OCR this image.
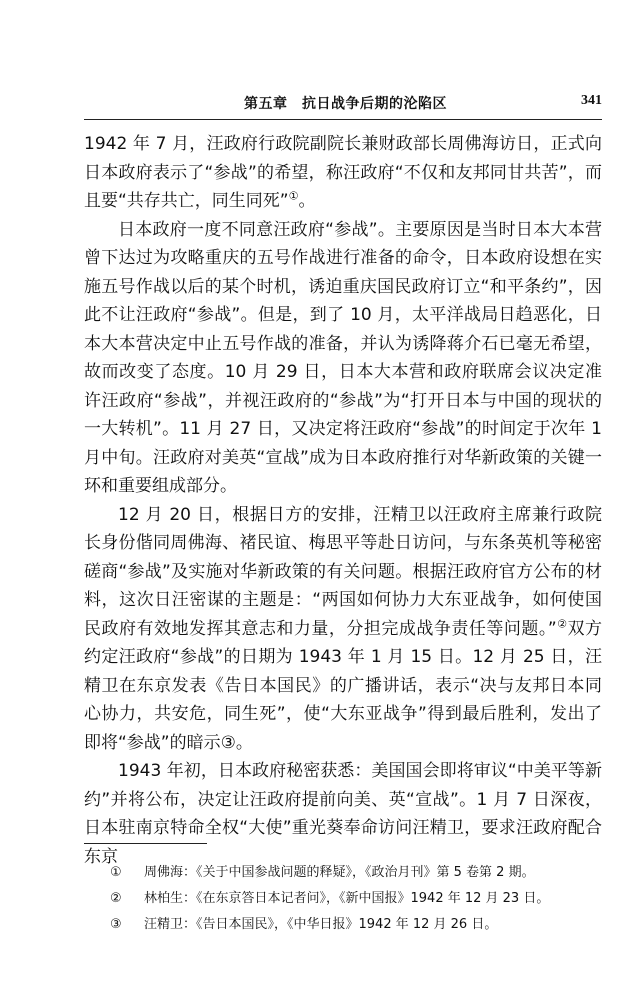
第五章　抗日战争后期的沦陷区	341

1942 年 7 月，汪政府行政院副院长兼财政部长周佛海访日，正式向日本政府表示了“参战”的希望，称汪政府“不仅和友邦同甘共苦”，而且要“共存共亡，同生同死”①。

日本政府一度不同意汪政府“参战”。主要原因是当时日本大本营曾下达过为攻略重庆的五号作战进行准备的命令，日本政府设想在实施五号作战以后的某个时机，诱迫重庆国民政府订立“和平条约”，因此不让汪政府“参战”。但是，到了 10 月，太平洋战局日趋恶化，日本大本营决定中止五号作战的准备，并认为诱降蒋介石已毫无希望，故而改变了态度。10 月 29 日，日本大本营和政府联席会议决定准许汪政府“参战”，并视汪政府的“参战”为“打开日本与中国的现状的一大转机”。11 月 27 日，又决定将汪政府“参战”的时间定于次年 1 月中旬。汪政府对美英“宣战”成为日本政府推行对华新政策的关键一环和重要组成部分。

12 月 20 日，根据日方的安排，汪精卫以汪政府主席兼行政院长身份偕同周佛海、褚民谊、梅思平等赴日访问，与东条英机等秘密磋商“参战”及实施对华新政策的有关问题。根据汪政府官方公布的材料，这次日汪密谋的主题是：“两国如何协力大东亚战争，如何使国民政府有效地发挥其意志和力量，分担完成战争责任等问题。”②双方约定汪政府“参战”的日期为 1943 年 1 月 15 日。12 月 25 日，汪精卫在东京发表《告日本国民》的广播讲话，表示“决与友邦日本同心协力，共安危，同生死”，使“大东亚战争”得到最后胜利，发出了即将“参战”的暗示③。

1943 年初，日本政府秘密获悉：美国国会即将审议“中美平等新约”并将公布，决定让汪政府提前向美、英“宣战”。1 月 7 日深夜，日本驻南京特命全权“大使”重光葵奉命访问汪精卫，要求汪政府配合东京

① 周佛海：《关于中国参战问题的释疑》，《政治月刊》第 5 卷第 2 期。
② 林柏生：《在东京答日本记者问》，《新中国报》1942 年 12 月 23 日。
③ 汪精卫：《告日本国民》，《中华日报》1942 年 12 月 26 日。
